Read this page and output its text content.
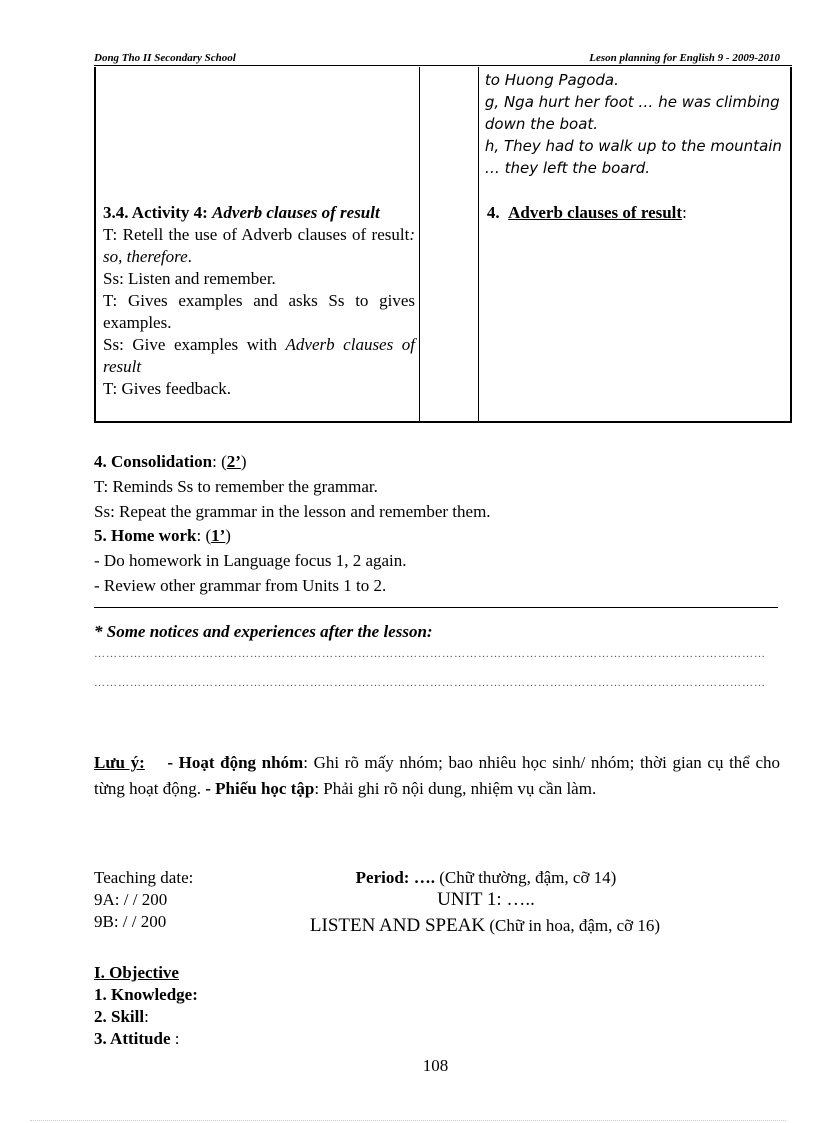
Dong Tho II Secondary School	Leson planning for English 9 - 2009-2010
3.4. Activity 4: Adverb clauses of result
T: Retell the use of Adverb clauses of result: so, therefore.
Ss: Listen and remember.
T: Gives examples and asks Ss to gives examples.
Ss: Give examples with Adverb clauses of result
T: Gives feedback.

to Huong Pagoda.
g, Nga hurt her foot … he was climbing
down the boat.
h, They had to walk up to the mountain
… they left the board.
4. Adverb clauses of result:
4. Consolidation: (2’)
T: Reminds Ss to remember the grammar.
Ss: Repeat the grammar in the lesson and remember them.
5. Home work: (1’)
- Do homework in Language focus 1, 2 again.
- Review other grammar from Units 1 to 2.
* Some notices and experiences after the lesson:
……………………………………………………………………………………………………………………………………………………
……………………………………………………………………………………………………………………………………………………
Lưu ý: - Hoạt động nhóm: Ghi rõ mấy nhóm; bao nhiêu học sinh/ nhóm; thời gian cụ thể cho từng hoạt động. - Phiếu học tập: Phải ghi rõ nội dung, nhiệm vụ cần làm.
Teaching date:
9A: / / 200
9B: / / 200
Period: …. (Chữ thường, đậm, cỡ 14)
UNIT 1: …..
LISTEN AND SPEAK (Chữ in hoa, đậm, cỡ 16)
I. Objective
1. Knowledge:
2. Skill:
3. Attitude :
108
